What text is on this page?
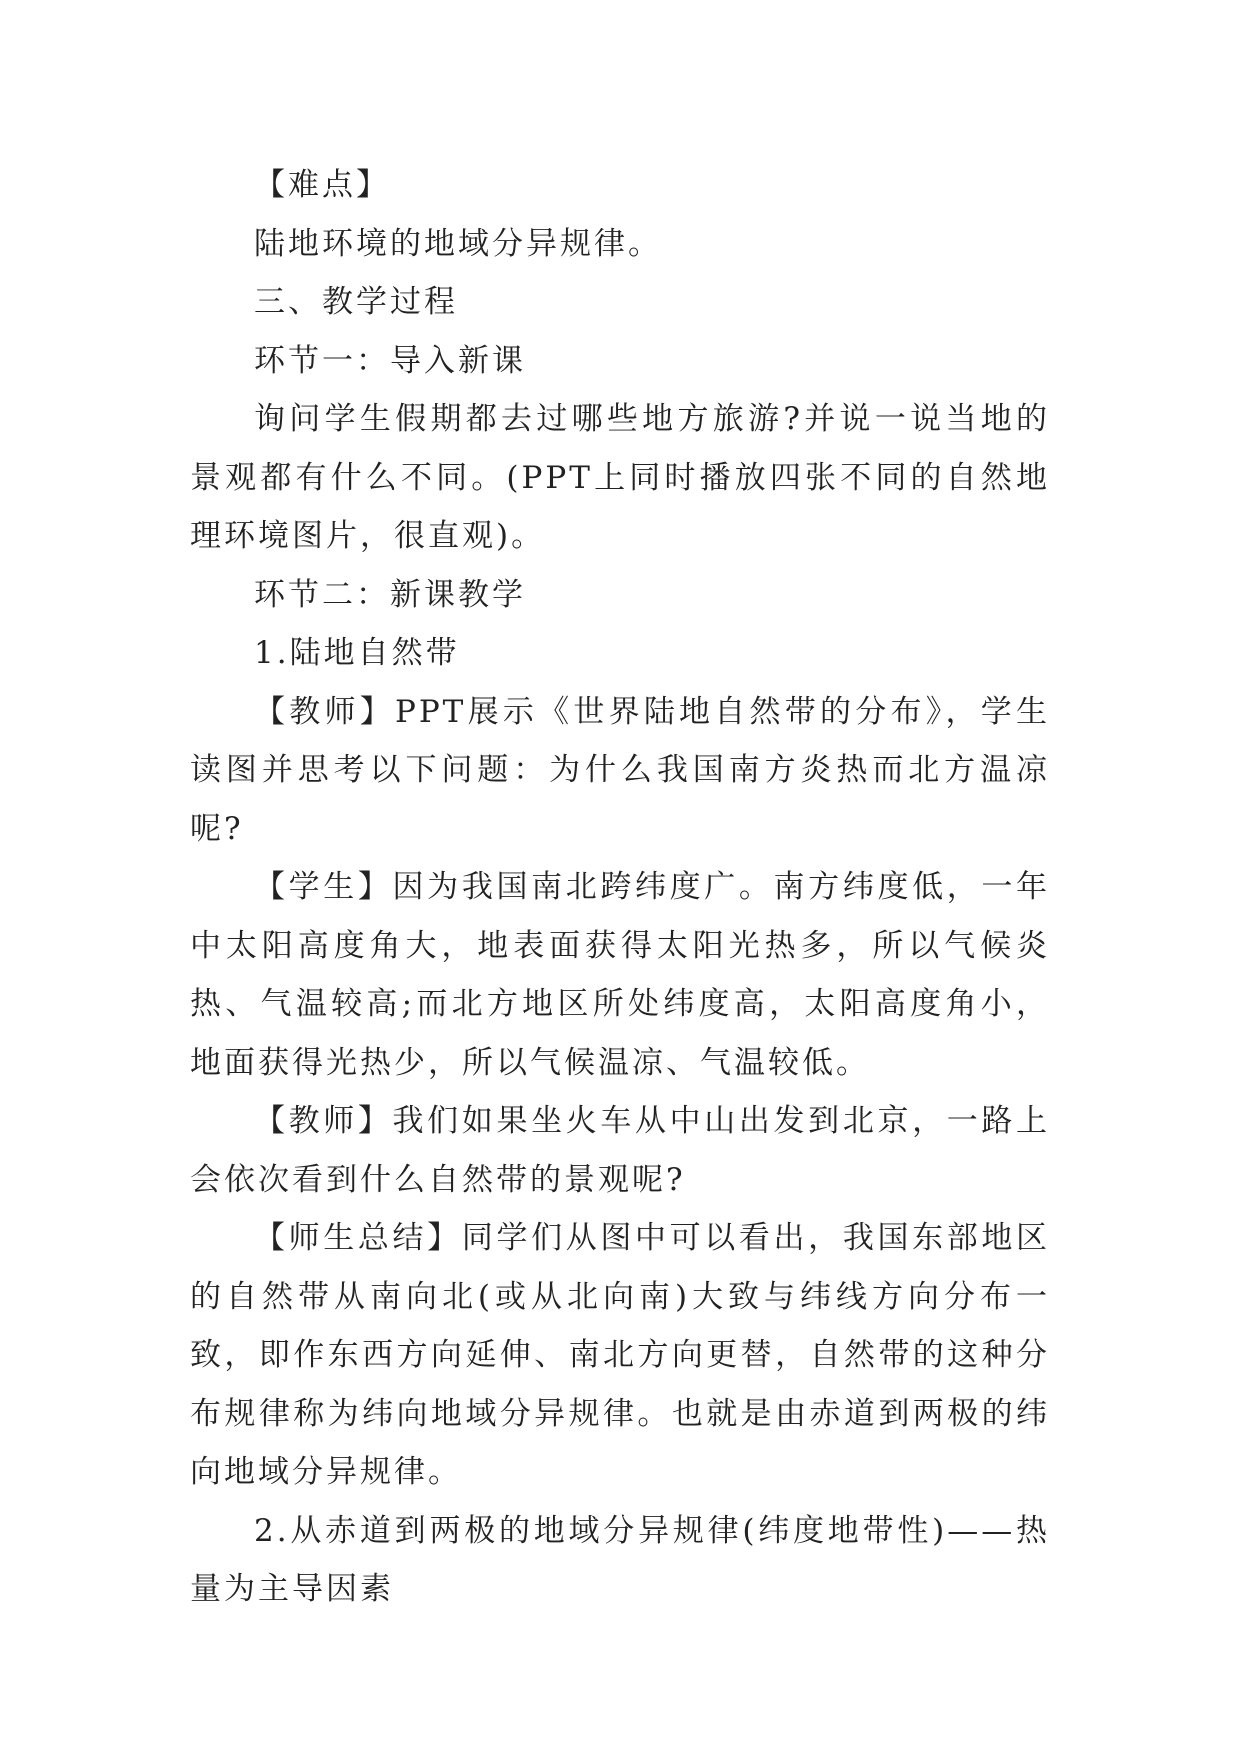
【难点】

陆地环境的地域分异规律。

三、教学过程

环节一：导入新课

询问学生假期都去过哪些地方旅游?并说一说当地的景观都有什么不同。(PPT上同时播放四张不同的自然地理环境图片，很直观)。

环节二：新课教学

1.陆地自然带

【教师】PPT展示《世界陆地自然带的分布》，学生读图并思考以下问题：为什么我国南方炎热而北方温凉呢?

【学生】因为我国南北跨纬度广。南方纬度低，一年中太阳高度角大，地表面获得太阳光热多，所以气候炎热、气温较高;而北方地区所处纬度高，太阳高度角小，地面获得光热少，所以气候温凉、气温较低。

【教师】我们如果坐火车从中山出发到北京，一路上会依次看到什么自然带的景观呢?

【师生总结】同学们从图中可以看出，我国东部地区的自然带从南向北(或从北向南)大致与纬线方向分布一致，即作东西方向延伸、南北方向更替，自然带的这种分布规律称为纬向地域分异规律。也就是由赤道到两极的纬向地域分异规律。

2.从赤道到两极的地域分异规律(纬度地带性)——热量为主导因素
